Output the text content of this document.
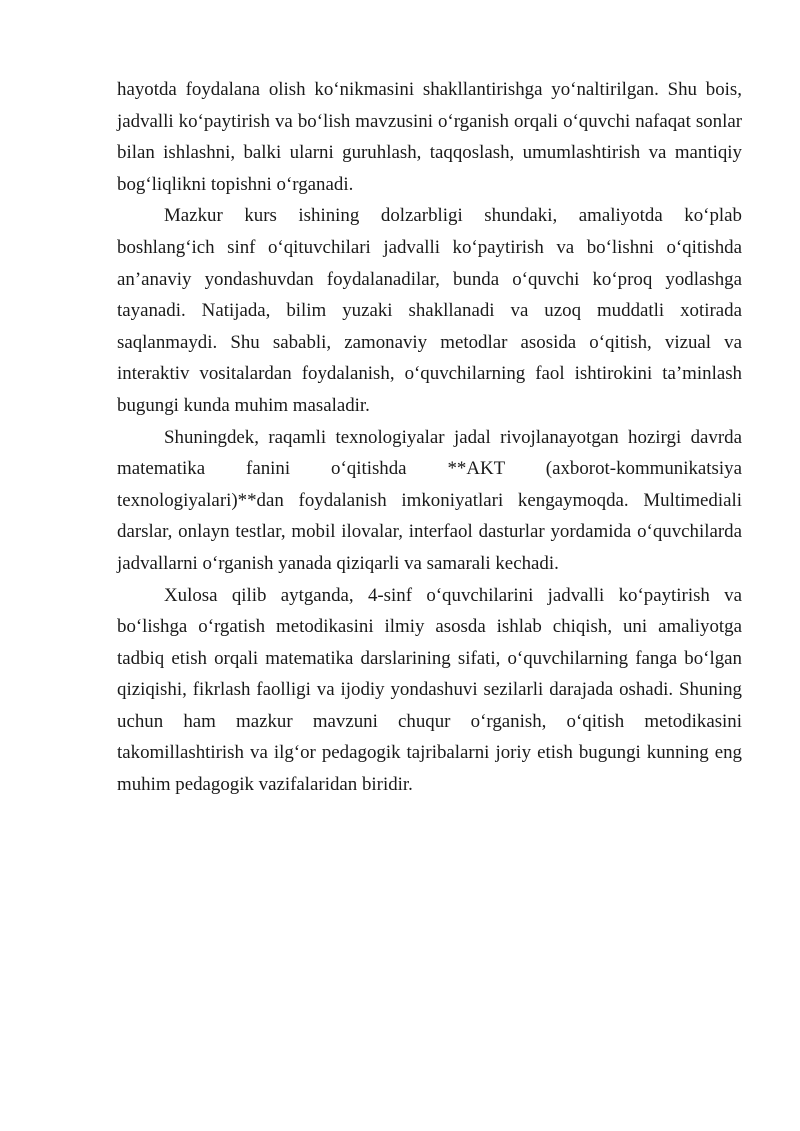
hayotda foydalana olish ko‘nikmasini shakllantirishga yo‘naltirilgan. Shu bois, jadvalli ko‘paytirish va bo‘lish mavzusini o‘rganish orqali o‘quvchi nafaqat sonlar bilan ishlashni, balki ularni guruhlash, taqqoslash, umumlashtirish va mantiqiy bog‘liqlikni topishni o‘rganadi.

Mazkur kurs ishining dolzarbligi shundaki, amaliyotda ko‘plab boshlang‘ich sinf o‘qituvchilari jadvalli ko‘paytirish va bo‘lishni o‘qitishda an’anaviy yondashuvdan foydalanadilar, bunda o‘quvchi ko‘proq yodlashga tayanadi. Natijada, bilim yuzaki shakllanadi va uzoq muddatli xotirada saqlanmaydi. Shu sababli, zamonaviy metodlar asosida o‘qitish, vizual va interaktiv vositalardan foydalanish, o‘quvchilarning faol ishtirokini ta’minlash bugungi kunda muhim masaladir.

Shuningdek, raqamli texnologiyalar jadal rivojlanayotgan hozirgi davrda matematika fanini o‘qitishda **AKT (axborot-kommunikatsiya texnologiyalari)**dan foydalanish imkoniyatlari kengaymoqda. Multimediali darslar, onlayn testlar, mobil ilovalar, interfaol dasturlar yordamida o‘quvchilarda jadvallarni o‘rganish yanada qiziqarli va samarali kechadi.

Xulosa qilib aytganda, 4-sinf o‘quvchilarini jadvalli ko‘paytirish va bo‘lishga o‘rgatish metodikasini ilmiy asosda ishlab chiqish, uni amaliyotga tadbiq etish orqali matematika darslarining sifati, o‘quvchilarning fanga bo‘lgan qiziqishi, fikrlash faolligi va ijodiy yondashuvi sezilarli darajada oshadi. Shuning uchun ham mazkur mavzuni chuqur o‘rganish, o‘qitish metodikasini takomillashtirish va ilg‘or pedagogik tajribalarni joriy etish bugungi kunning eng muhim pedagogik vazifalaridan biridir.
